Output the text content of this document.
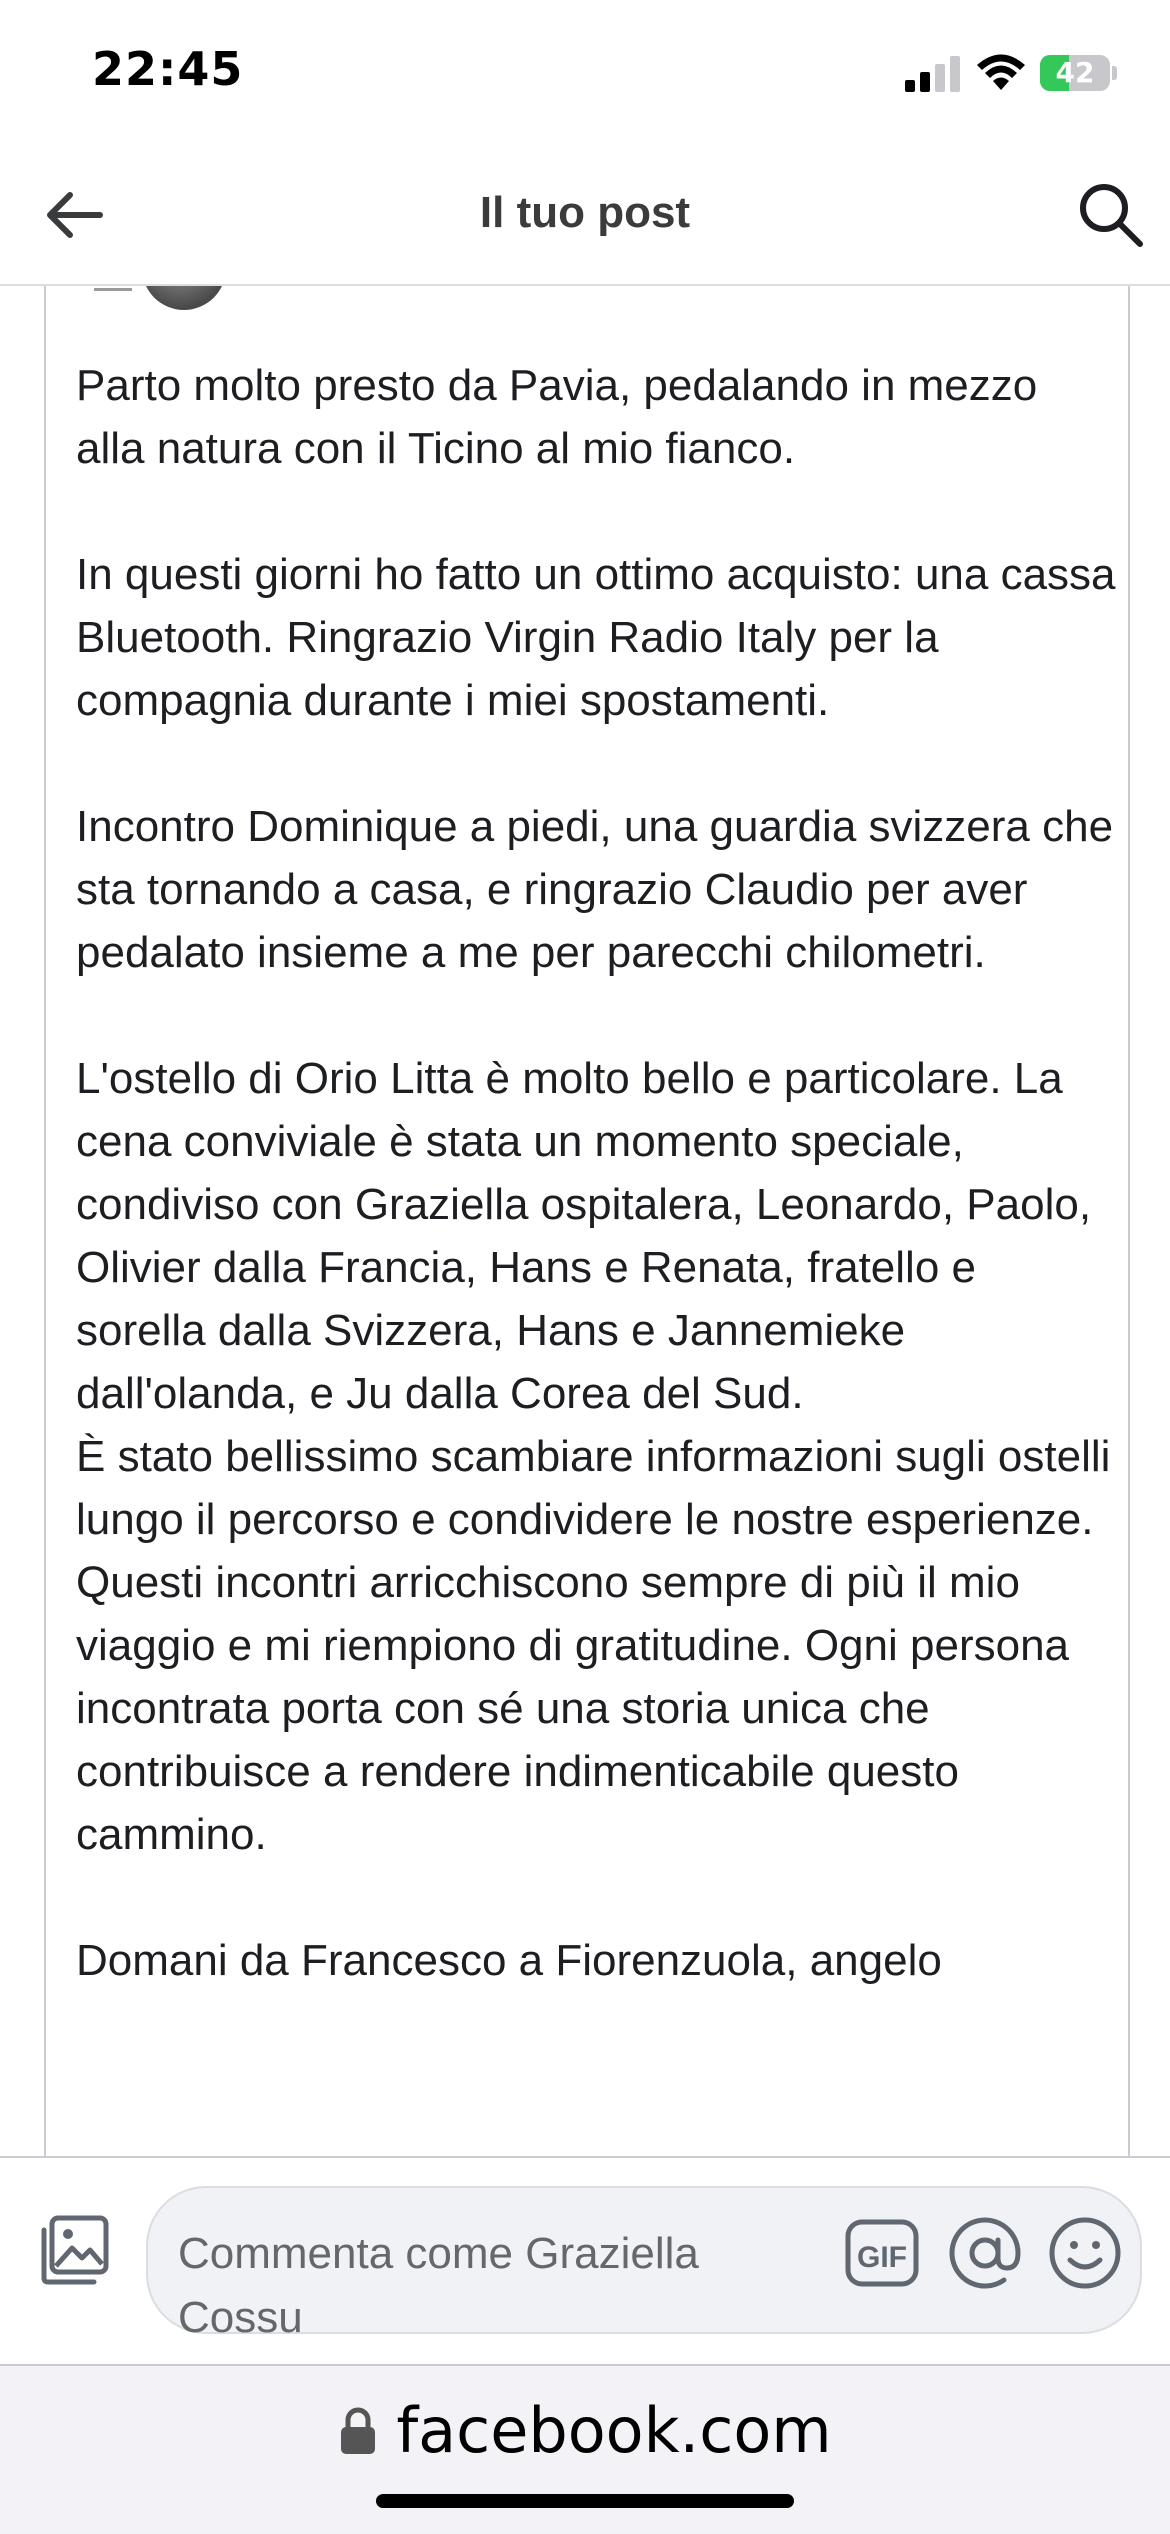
22:45	42
Il tuo post

Parto molto presto da Pavia, pedalando in mezzo alla natura con il Ticino al mio fianco.

In questi giorni ho fatto un ottimo acquisto: una cassa Bluetooth. Ringrazio Virgin Radio Italy per la compagnia durante i miei spostamenti.

Incontro Dominique a piedi, una guardia svizzera che sta tornando a casa, e ringrazio Claudio per aver pedalato insieme a me per parecchi chilometri.

L'ostello di Orio Litta è molto bello e particolare. La cena conviviale è stata un momento speciale, condiviso con Graziella ospitalera, Leonardo, Paolo, Olivier dalla Francia, Hans e Renata, fratello e sorella dalla Svizzera, Hans e Jannemieke dall'olanda, e Ju dalla Corea del Sud.

È stato bellissimo scambiare informazioni sugli ostelli lungo il percorso e condividere le nostre esperienze.

Questi incontri arricchiscono sempre di più il mio viaggio e mi riempiono di gratitudine. Ogni persona incontrata porta con sé una storia unica che contribuisce a rendere indimenticabile questo cammino.

Domani da Francesco a Fiorenzuola, angelo

Commenta come Graziella Cossu
GIF
facebook.com
